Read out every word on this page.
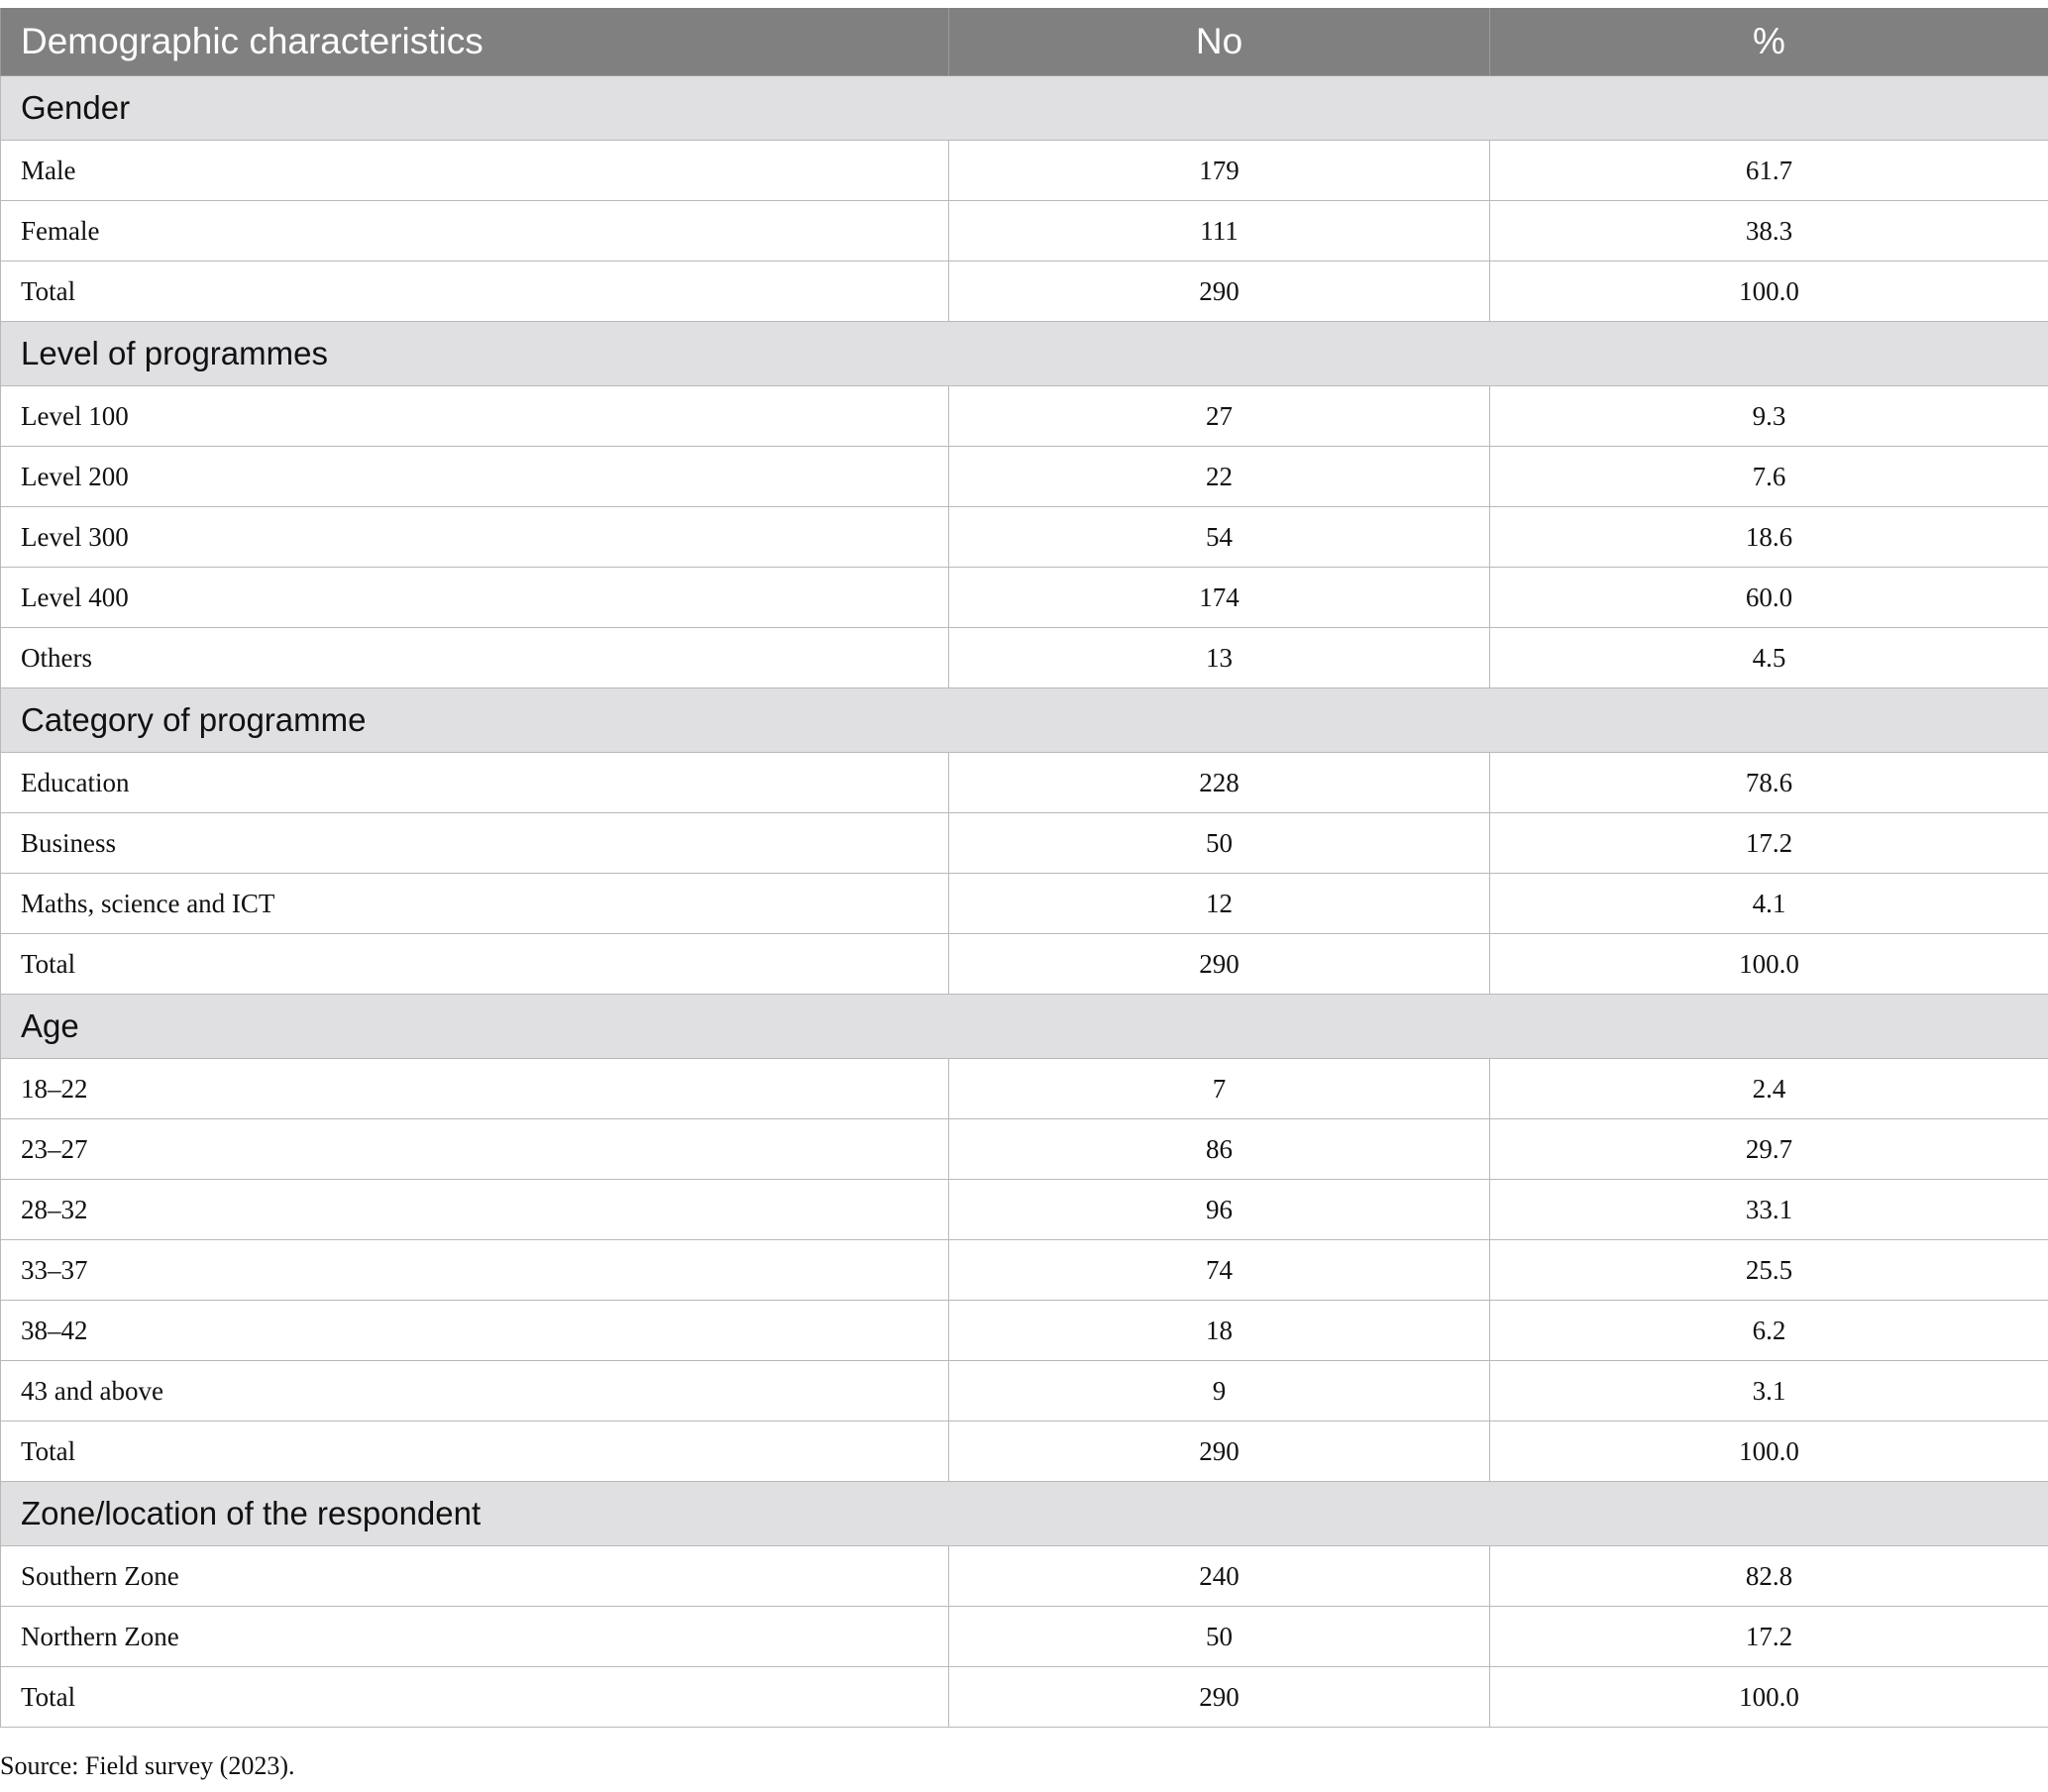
Demographic characteristics	No	%
Gender		
Male	179	61.7
Female	111	38.3
Total	290	100.0
Level of programmes		
Level 100	27	9.3
Level 200	22	7.6
Level 300	54	18.6
Level 400	174	60.0
Others	13	4.5
Category of programme		
Education	228	78.6
Business	50	17.2
Maths, science and ICT	12	4.1
Total	290	100.0
Age		
18–22	7	2.4
23–27	86	29.7
28–32	96	33.1
33–37	74	25.5
38–42	18	6.2
43 and above	9	3.1
Total	290	100.0
Zone/location of the respondent		
Southern Zone	240	82.8
Northern Zone	50	17.2
Total	290	100.0
Source: Field survey (2023).
